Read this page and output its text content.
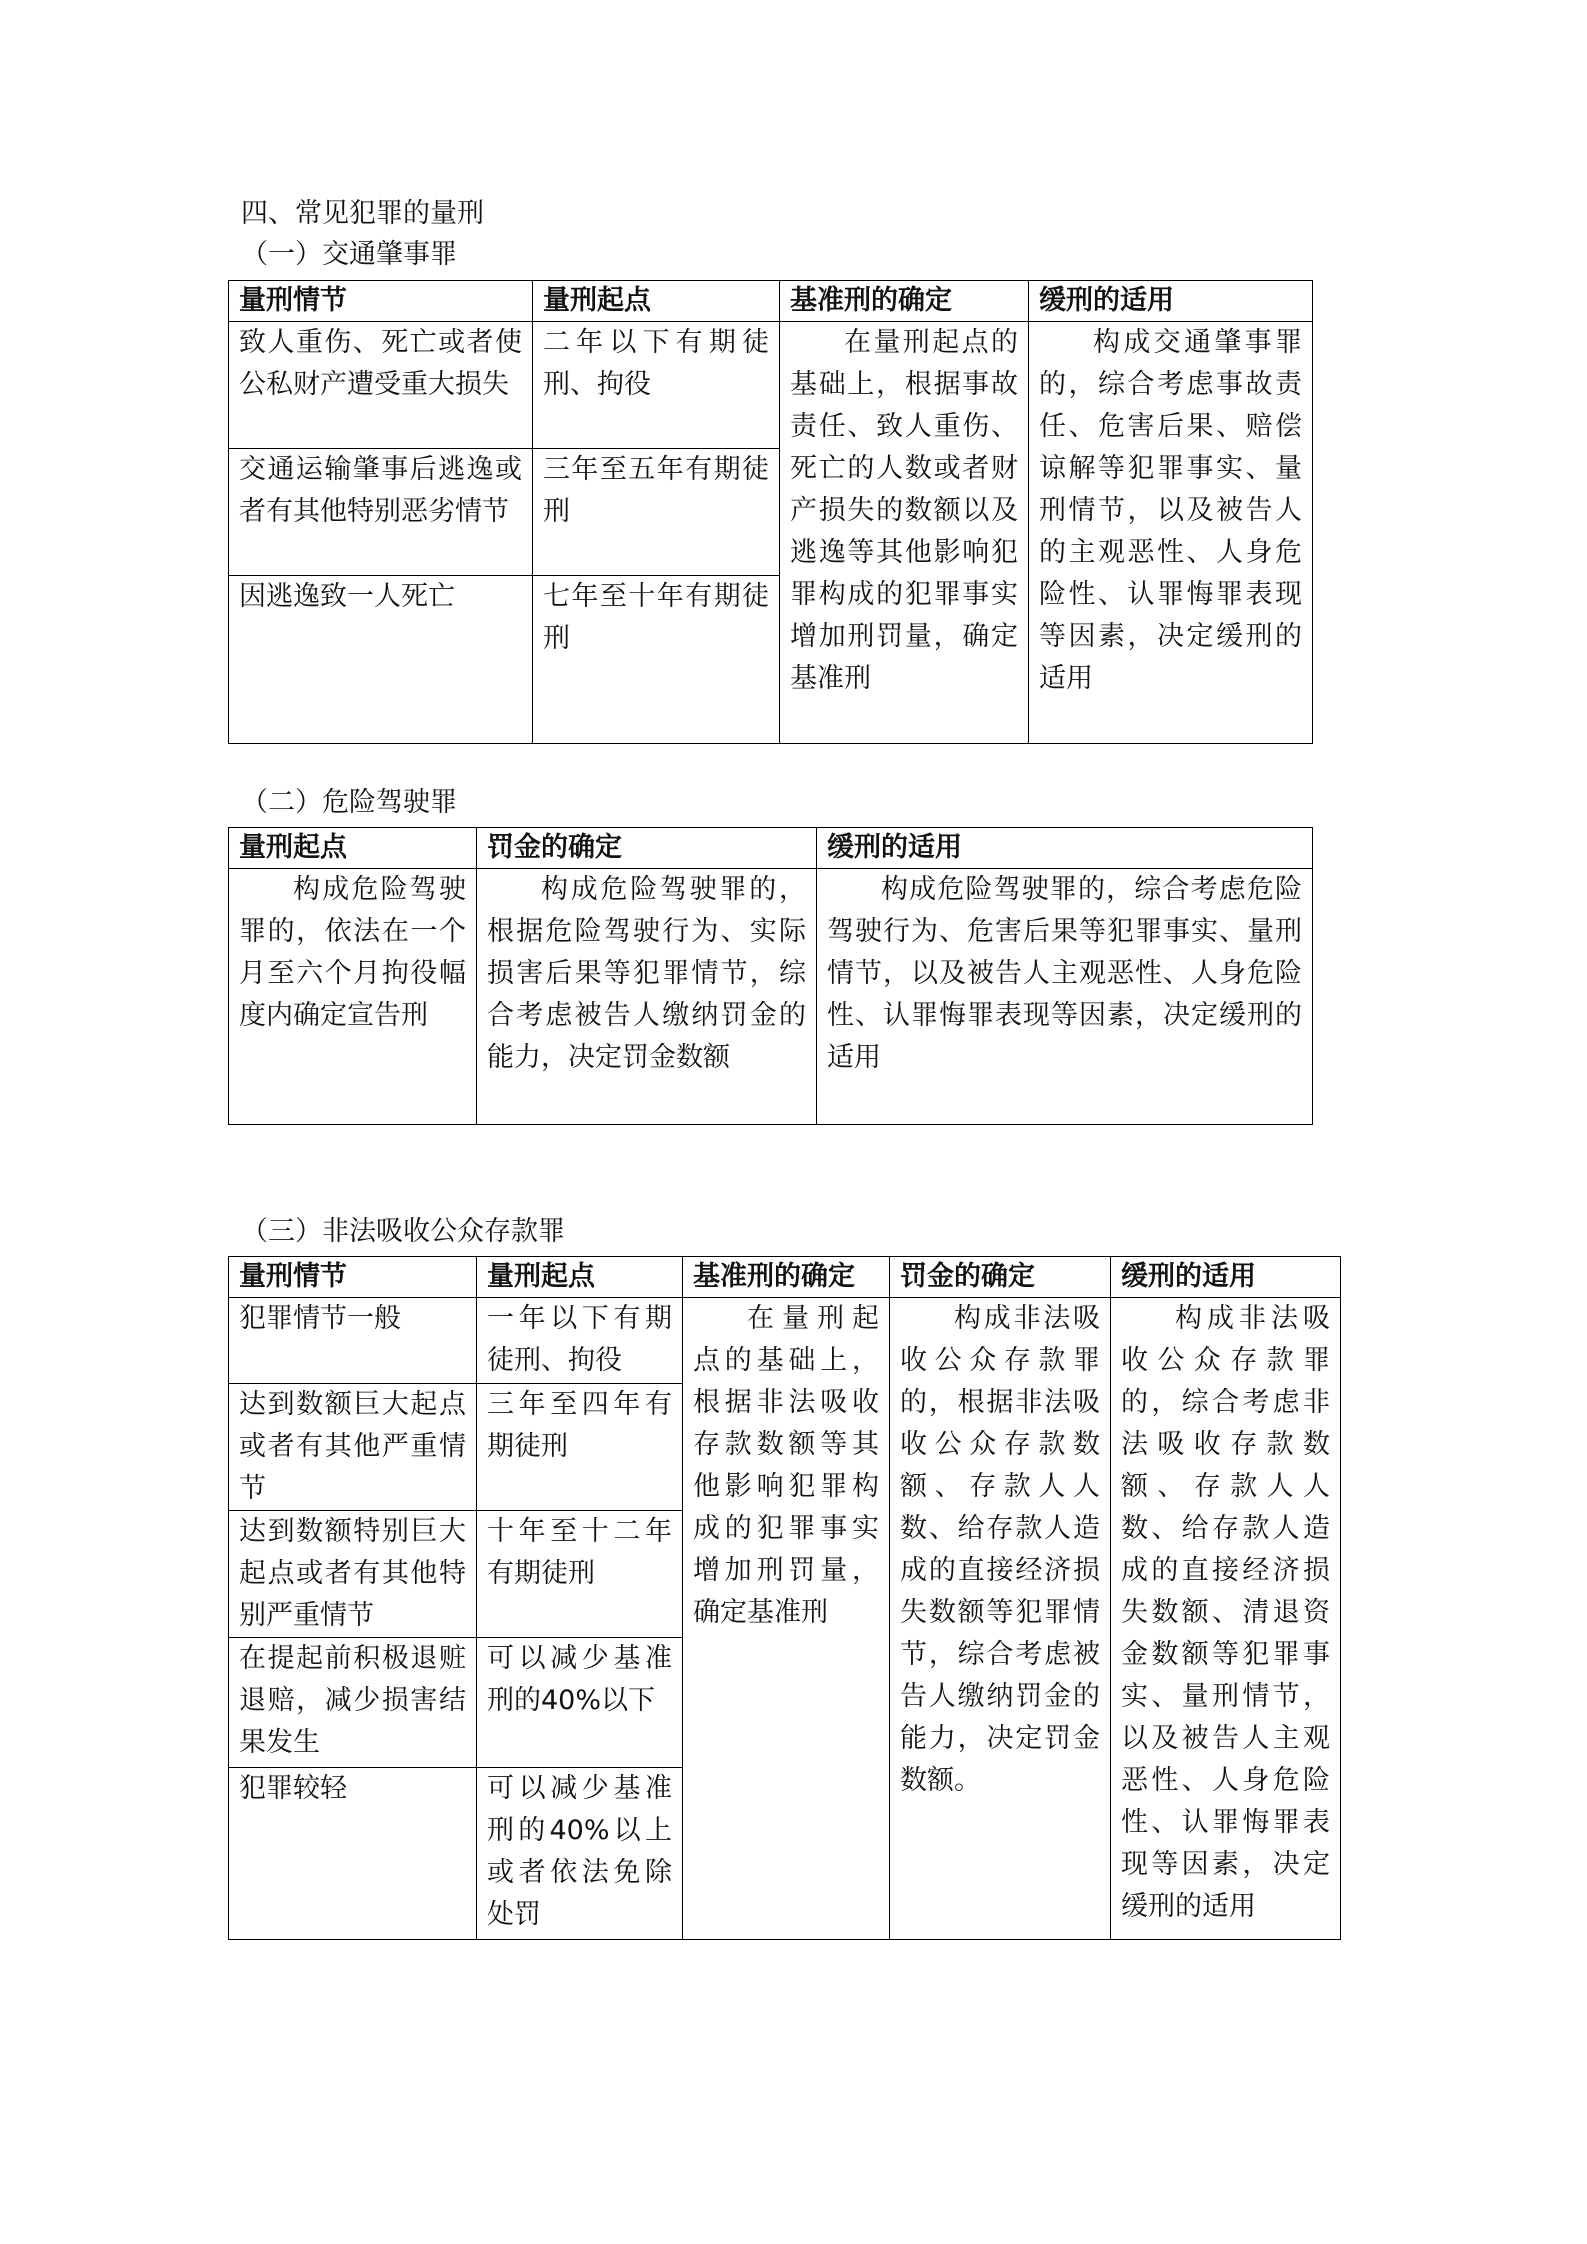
四、常见犯罪的量刑
（一）交通肇事罪
量刑情节	量刑起点	基准刑的确定	缓刑的适用
致人重伤、死亡或者使公私财产遭受重大损失	二年以下有期徒刑、拘役	在量刑起点的基础上，根据事故责任、致人重伤、死亡的人数或者财产损失的数额以及逃逸等其他影响犯罪构成的犯罪事实增加刑罚量，确定基准刑	构成交通肇事罪的，综合考虑事故责任、危害后果、赔偿谅解等犯罪事实、量刑情节，以及被告人的主观恶性、人身危险性、认罪悔罪表现等因素，决定缓刑的适用
交通运输肇事后逃逸或者有其他特别恶劣情节	三年至五年有期徒刑		
因逃逸致一人死亡	七年至十年有期徒刑		
（二）危险驾驶罪
量刑起点	罚金的确定	缓刑的适用
构成危险驾驶罪的，依法在一个月至六个月拘役幅度内确定宣告刑	构成危险驾驶罪的，根据危险驾驶行为、实际损害后果等犯罪情节，综合考虑被告人缴纳罚金的能力，决定罚金数额	构成危险驾驶罪的，综合考虑危险驾驶行为、危害后果等犯罪事实、量刑情节，以及被告人主观恶性、人身危险性、认罪悔罪表现等因素，决定缓刑的适用
（三）非法吸收公众存款罪
量刑情节	量刑起点	基准刑的确定	罚金的确定	缓刑的适用
犯罪情节一般	一年以下有期徒刑、拘役	在量刑起点的基础上，根据非法吸收存款数额等其他影响犯罪构成的犯罪事实增加刑罚量，确定基准刑	构成非法吸收公众存款罪的，根据非法吸收公众存款数额、存款人人数、给存款人造成的直接经济损失数额等犯罪情节，综合考虑被告人缴纳罚金的能力，决定罚金数额。	构成非法吸收公众存款罪的，综合考虑非法吸收存款数额、存款人人数、给存款人造成的直接经济损失数额、清退资金数额等犯罪事实、量刑情节，以及被告人主观恶性、人身危险性、认罪悔罪表现等因素，决定缓刑的适用
达到数额巨大起点或者有其他严重情节	三年至四年有期徒刑			
达到数额特别巨大起点或者有其他特别严重情节	十年至十二年有期徒刑			
在提起前积极退赃退赔，减少损害结果发生	可以减少基准刑的40%以下			
犯罪较轻	可以减少基准刑的40%以上或者依法免除处罚			
